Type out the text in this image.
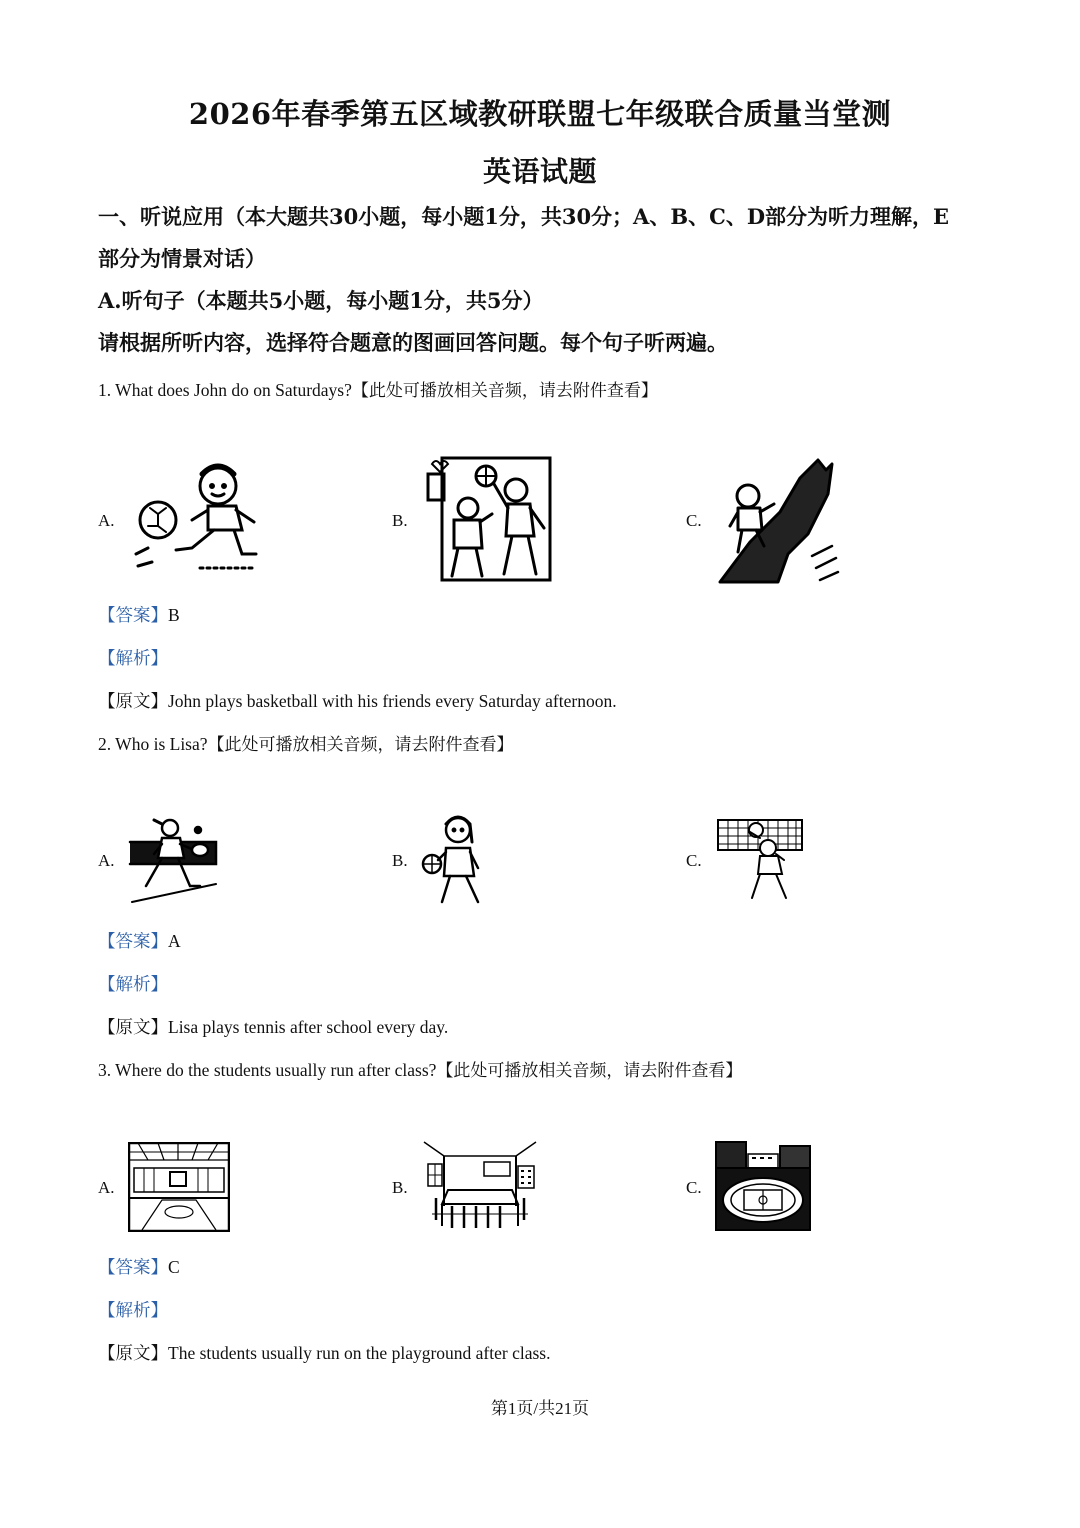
2026年春季第五区域教研联盟七年级联合质量当堂测
英语试题
一、听说应用（本大题共30小题，每小题1分，共30分；A、B、C、D部分为听力理解，E
部分为情景对话）
A.听句子（本题共5小题，每小题1分，共5分）
请根据所听内容，选择符合题意的图画回答问题。每个句子听两遍。
1. What does John do on Saturdays?【此处可播放相关音频，请去附件查看】
A.	B.	C.
【答案】B
【解析】
【原文】John plays basketball with his friends every Saturday afternoon.
2. Who is Lisa?【此处可播放相关音频，请去附件查看】
A.	B.	C.
【答案】A
【解析】
【原文】Lisa plays tennis after school every day.
3. Where do the students usually run after class?【此处可播放相关音频，请去附件查看】
A.	B.	C.
【答案】C
【解析】
【原文】The students usually run on the playground after class.
第1页/共21页
